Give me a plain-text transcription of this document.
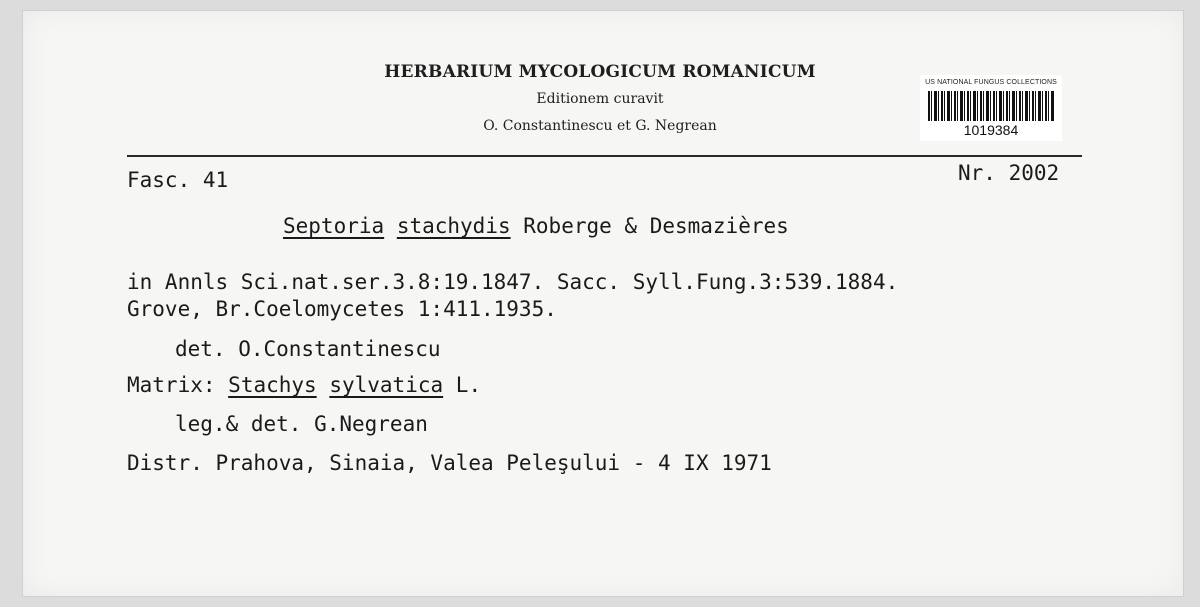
HERBARIUM MYCOLOGICUM ROMANICUM
Editionem curavit
O. Constantinescu et G. Negrean
US NATIONAL FUNGUS COLLECTIONS
1019384
Fasc. 41	Nr. 2002
Septoria stachydis Roberge & Desmazières
in Annls Sci.nat.ser.3.8:19.1847. Sacc. Syll.Fung.3:539.1884.
Grove, Br.Coelomycetes 1:411.1935.
det. O.Constantinescu
Matrix: Stachys sylvatica L.
leg.& det. G.Negrean
Distr. Prahova, Sinaia, Valea Peleşului - 4 IX 1971
